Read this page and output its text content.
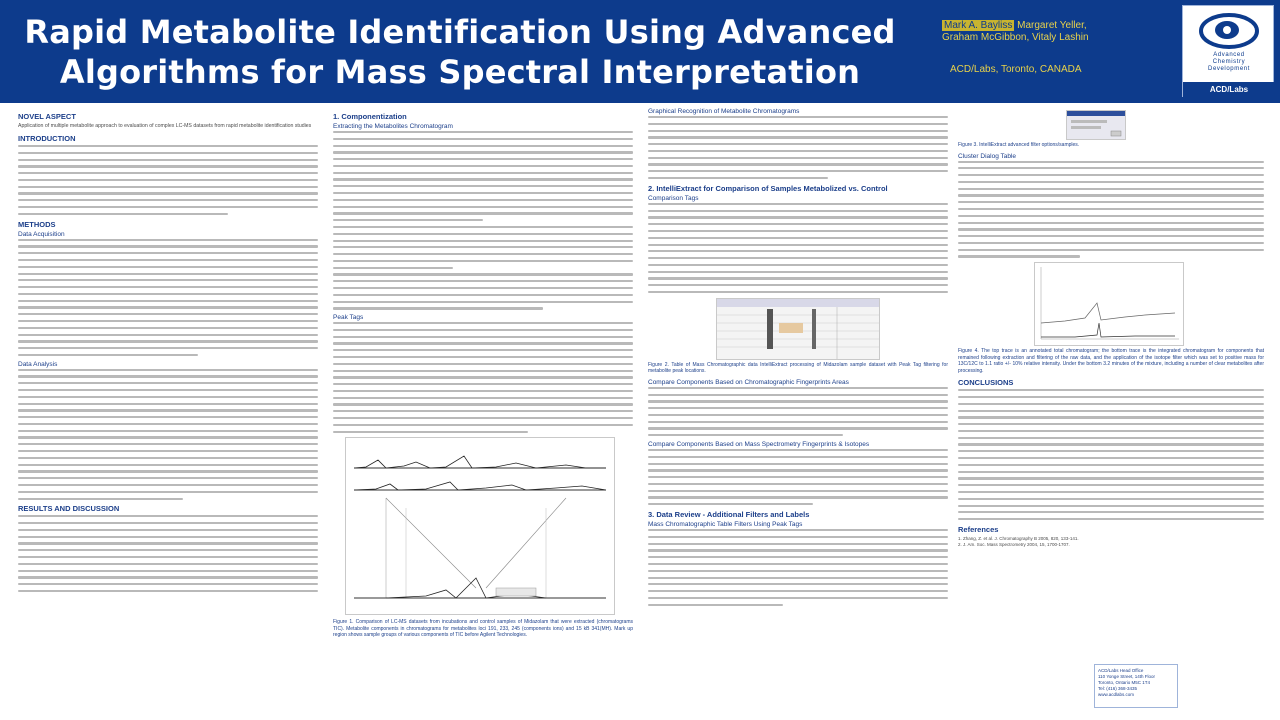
Rapid Metabolite Identification Using Advanced
Algorithms for Mass Spectral Interpretation
Mark A. Bayliss Margaret Yeller,
Graham McGibbon, Vitaly Lashin
ACD/Labs, Toronto, CANADA
Advanced
Chemistry
Development
ACD/Labs
NOVEL ASPECT

Application of multiple metabolite approach to evaluation of complex LC-MS datasets from rapid metabolite identification studies

INTRODUCTION
METHODS
Data Acquisition
Data Analysis
RESULTS AND DISCUSSION
1. Componentization
Extracting the Metabolites Chromatogram
Peak Tags

Figure 1. Comparison of LC-MS datasets from incubations and control samples of Midazolam that were extracted (chromatograms TIC). Metabolite components in chromatograms for metabolites loci 191, 233, 245 (components ions) and 15 kB 341(MH). Mark up region shows sample groups of various components of TIC before Agilent Technologies.

Graphical Recognition of Metabolite Chromatograms
2. IntelliExtract for Comparison of Samples Metabolized vs. Control
Comparison Tags

Figure 2. Table of Mass Chromatographic data IntelliExtract processing of Midazolam sample dataset with Peak Tag filtering for metabolite peak locations.

Compare Components Based on Chromatographic Fingerprints Areas
Compare Components Based on Mass Spectrometry Fingerprints & Isotopes
3. Data Review - Additional Filters and Labels
Mass Chromatographic Table Filters Using Peak Tags

Figure 3. IntelliExtract advanced filter options/samples.

Cluster Dialog Table

Figure 4. The top trace is an annotated total chromatogram; the bottom trace is the integrated chromatogram for components that remained following extraction and filtering of the raw data, and the application of the isotope filter which was set to positive mass for 13C/12C to 1.1 ratio +/- 10% relative intensity. Under the bottom 3.2 minutes of the mixture, including a number of clear metabolites after processing.

CONCLUSIONS
References

1. Zhang, Z. et al. J. Chromatography B 2005, 820, 133-141.

2. J. Am. Soc. Mass Spectrometry 2004, 15, 1700-1707.

ACD/Labs Head Office
110 Yonge Street, 14th Floor
Toronto, Ontario M5C 1T4
Tel: (416) 368-3435
www.acdlabs.com
